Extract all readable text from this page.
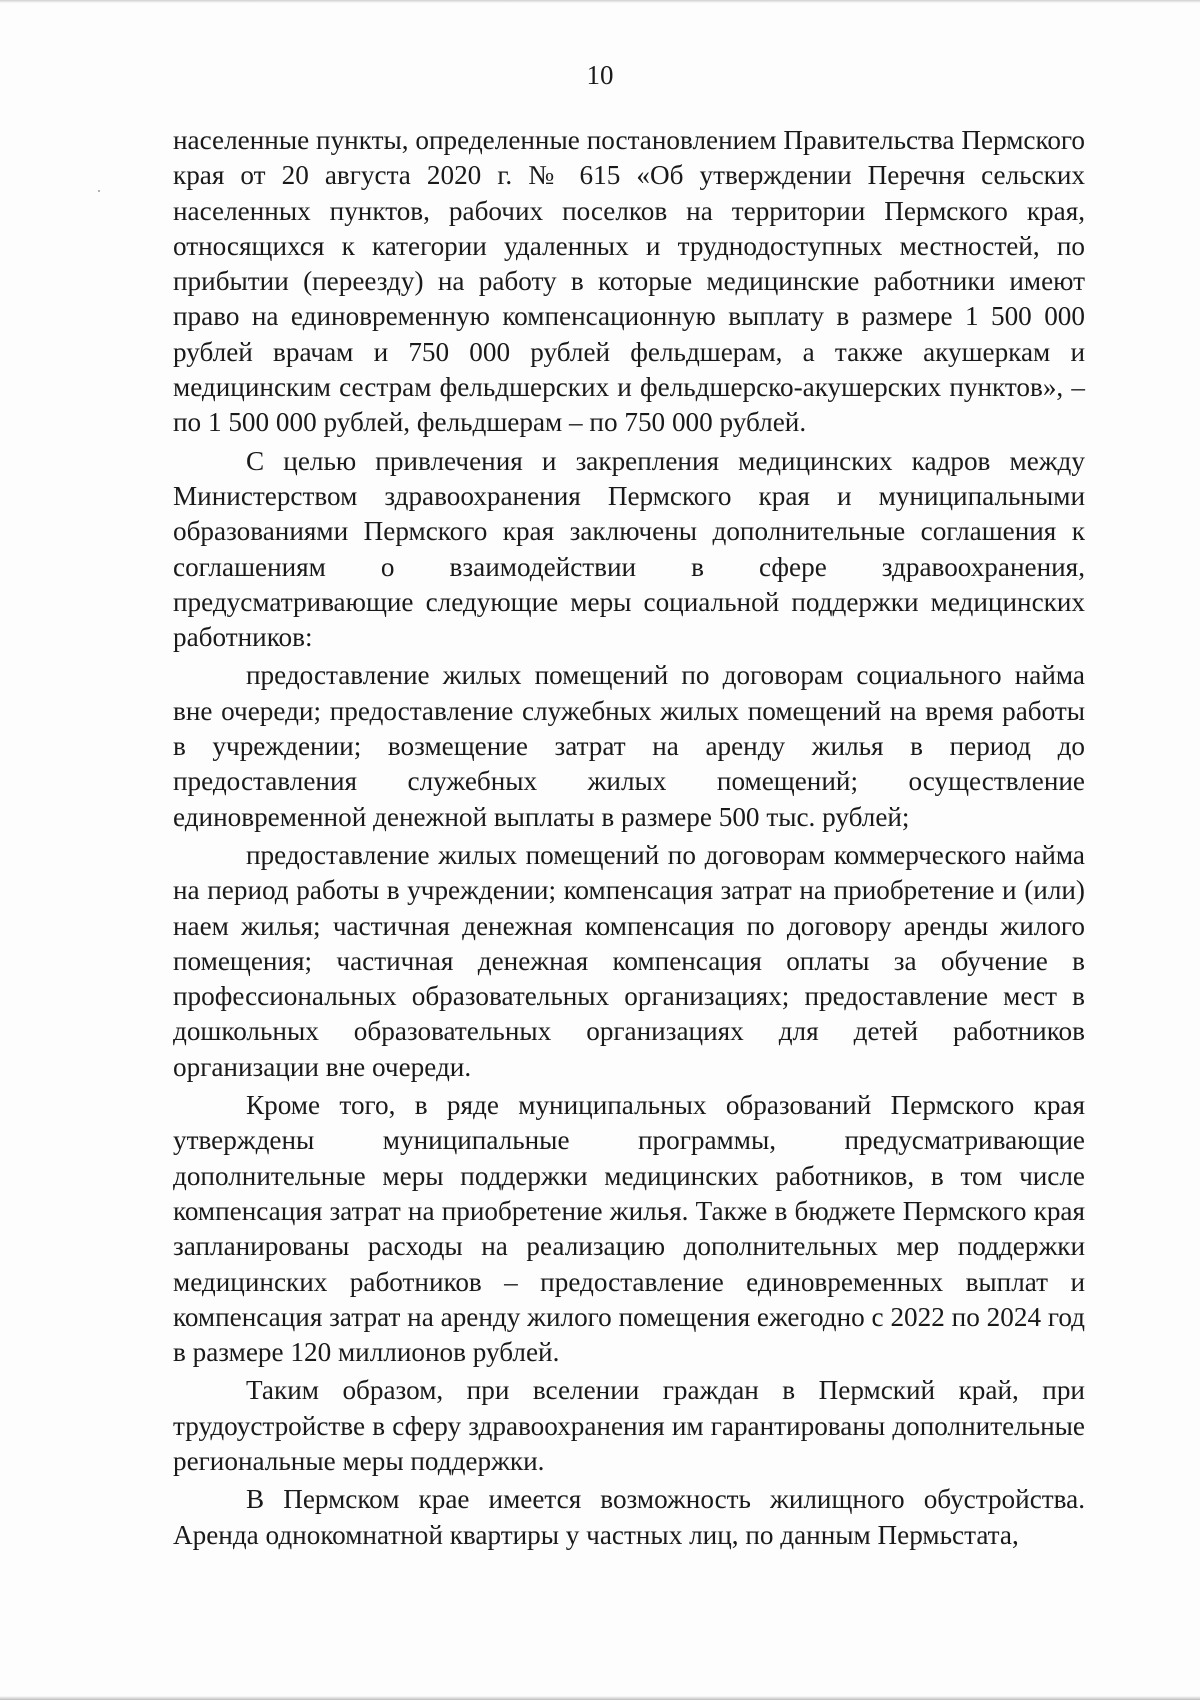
10

населенные пункты, определенные постановлением Правительства Пермского края от 20 августа 2020 г. № 615 «Об утверждении Перечня сельских населенных пунктов, рабочих поселков на территории Пермского края, относящихся к категории удаленных и труднодоступных местностей, по прибытии (переезду) на работу в которые медицинские работники имеют право на единовременную компенсационную выплату в размере 1 500 000 рублей врачам и 750 000 рублей фельдшерам, а также акушеркам и медицинским сестрам фельдшерских и фельдшерско-акушерских пунктов», – по 1 500 000 рублей, фельдшерам – по 750 000 рублей.

С целью привлечения и закрепления медицинских кадров между Министерством здравоохранения Пермского края и муниципальными образованиями Пермского края заключены дополнительные соглашения к соглашениям о взаимодействии в сфере здравоохранения, предусматривающие следующие меры социальной поддержки медицинских работников:

предоставление жилых помещений по договорам социального найма вне очереди; предоставление служебных жилых помещений на время работы в учреждении; возмещение затрат на аренду жилья в период до предоставления служебных жилых помещений; осуществление единовременной денежной выплаты в размере 500 тыс. рублей;

предоставление жилых помещений по договорам коммерческого найма на период работы в учреждении; компенсация затрат на приобретение и (или) наем жилья; частичная денежная компенсация по договору аренды жилого помещения; частичная денежная компенсация оплаты за обучение в профессиональных образовательных организациях; предоставление мест в дошкольных образовательных организациях для детей работников организации вне очереди.

Кроме того, в ряде муниципальных образований Пермского края утверждены муниципальные программы, предусматривающие дополнительные меры поддержки медицинских работников, в том числе компенсация затрат на приобретение жилья. Также в бюджете Пермского края запланированы расходы на реализацию дополнительных мер поддержки медицинских работников – предоставление единовременных выплат и компенсация затрат на аренду жилого помещения ежегодно с 2022 по 2024 год в размере 120 миллионов рублей.

Таким образом, при вселении граждан в Пермский край, при трудоустройстве в сферу здравоохранения им гарантированы дополнительные региональные меры поддержки.

В Пермском крае имеется возможность жилищного обустройства. Аренда однокомнатной квартиры у частных лиц, по данным Пермьстата,
